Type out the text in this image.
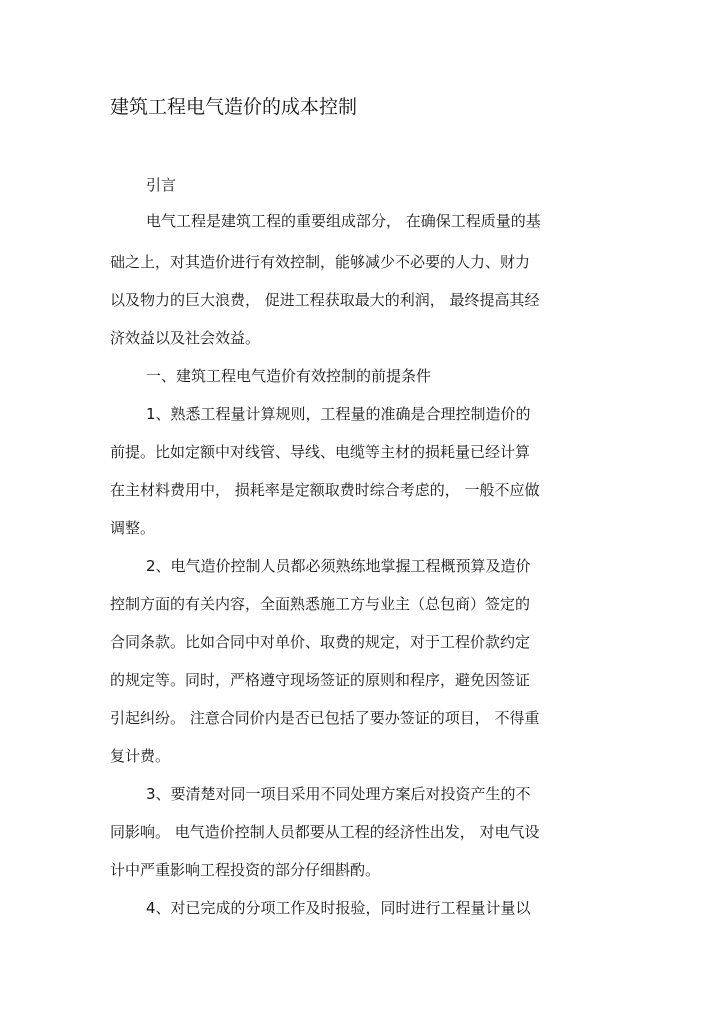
建筑工程电气造价的成本控制
引言
电气工程是建筑工程的重要组成部分， 在确保工程质量的基
础之上，对其造价进行有效控制，能够减少不必要的人力、财力
以及物力的巨大浪费， 促进工程获取最大的利润， 最终提高其经
济效益以及社会效益。
一、建筑工程电气造价有效控制的前提条件
1、熟悉工程量计算规则，工程量的准确是合理控制造价的
前提。比如定额中对线管、导线、电缆等主材的损耗量已经计算
在主材料费用中， 损耗率是定额取费时综合考虑的， 一般不应做
调整。
2、电气造价控制人员都必须熟练地掌握工程概预算及造价
控制方面的有关内容，全面熟悉施工方与业主（总包商）签定的
合同条款。比如合同中对单价、取费的规定，对于工程价款约定
的规定等。同时，严格遵守现场签证的原则和程序，避免因签证
引起纠纷。 注意合同价内是否已包括了要办签证的项目， 不得重
复计费。
3、要清楚对同一项目采用不同处理方案后对投资产生的不
同影响。 电气造价控制人员都要从工程的经济性出发， 对电气设
计中严重影响工程投资的部分仔细斟酌。
4、对已完成的分项工作及时报验，同时进行工程量计量以
